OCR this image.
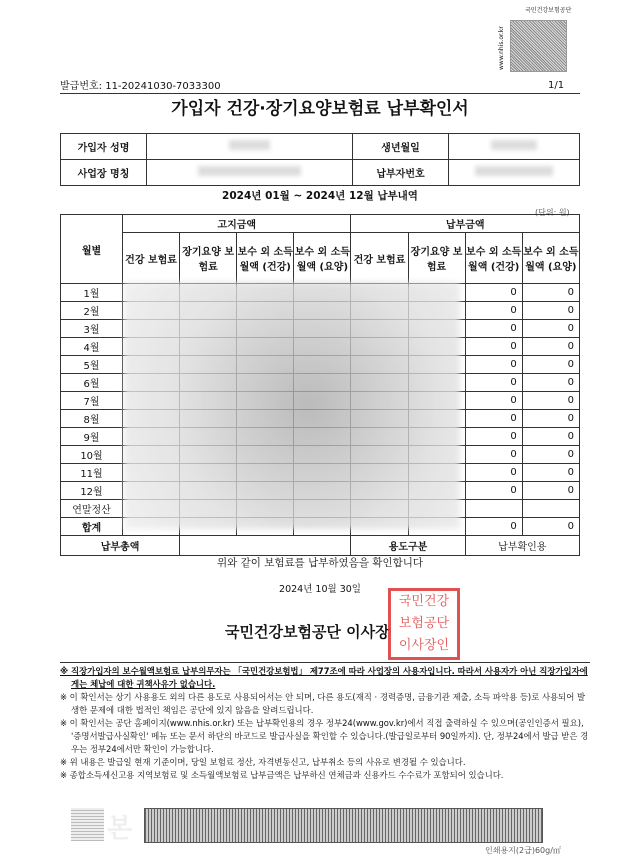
국민건강보험공단
www.nhis.or.kr
발급번호: 11-20241030-7033300	1/1
가입자 건강·장기요양보험료 납부확인서
가입자 성명		생년월일	
사업장 명칭		납부자번호	
2024년 01월 ~ 2024년 12월 납부내역
(단위: 원)
월별	고지금액				납부금액			
	건강 보험료	장기요양 보험료	보수 외 소득월액 (건강)	보수 외 소득월액 (요양)	건강 보험료	장기요양 보험료	보수 외 소득월액 (건강)	보수 외 소득월액 (요양)
1월							0	0
2월							0	0
3월							0	0
4월							0	0
5월							0	0
6월							0	0
7월							0	0
8월							0	0
9월							0	0
10월							0	0
11월							0	0
12월							0	0
연말정산								
합계							0	0
납부총액					용도구분		납부확인용	
위와 같이 보험료를 납부하였음을 확인합니다
2024년 10월 30일
국민건강보험공단 이사장
국민건강
보험공단
이사장인

※ 직장가입자의 보수월액보험료 납부의무자는 「국민건강보험법」 제77조에 따라 사업장의 사용자입니다. 따라서 사용자가 아닌 직장가입자에게는 체납에 대한 귀책사유가 없습니다.

※ 이 확인서는 상기 사용용도 외의 다른 용도로 사용되어서는 안 되며, 다른 용도(재직 · 경력증명, 금융기관 제출, 소득 파악용 등)로 사용되어 발생한 문제에 대한 법적인 책임은 공단에 있지 않음을 알려드립니다.

※ 이 확인서는 공단 홈페이지(www.nhis.or.kr) 또는 납부확인용의 경우 정부24(www.gov.kr)에서 직접 출력하실 수 있으며(공인인증서 필요), '증명서발급사실확인' 메뉴 또는 문서 하단의 바코드로 발급사실을 확인할 수 있습니다.(발급일로부터 90일까지). 단, 정부24에서 발급 받은 경우는 정부24에서만 확인이 가능합니다.

※ 위 내용은 발급일 현재 기준이며, 당일 보험료 정산, 자격변동신고, 납부취소 등의 사유로 변경될 수 있습니다.

※ 종합소득세신고용 지역보험료 및 소득월액보험료 납부금액은 납부하신 연체금과 신용카드 수수료가 포함되어 있습니다.

본
인쇄용지(2급)60g/㎡
